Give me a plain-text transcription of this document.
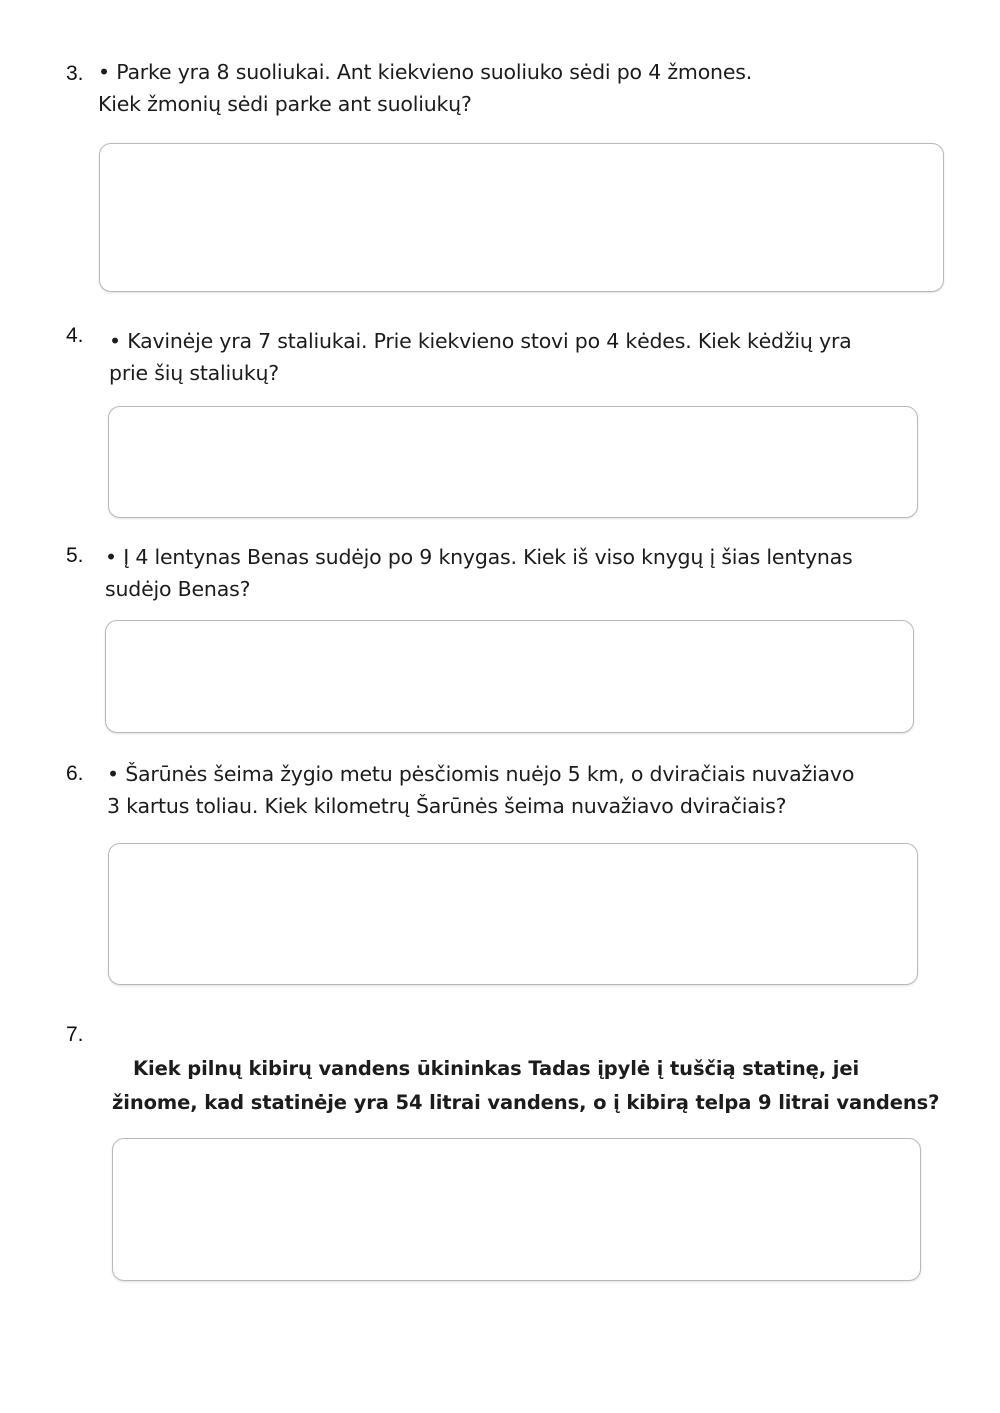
3. • Parke yra 8 suoliukai. Ant kiekvieno suoliuko sėdi po 4 žmones.
Kiek žmonių sėdi parke ant suoliukų?
4. • Kavinėje yra 7 staliukai. Prie kiekvieno stovi po 4 kėdes. Kiek kėdžių yra
prie šių staliukų?
5. • Į 4 lentynas Benas sudėjo po 9 knygas. Kiek iš viso knygų į šias lentynas
sudėjo Benas?
6. • Šarūnės šeima žygio metu pėsčiomis nuėjo 5 km, o dviračiais nuvažiavo
3 kartus toliau. Kiek kilometrų Šarūnės šeima nuvažiavo dviračiais?
7.
Kiek pilnų kibirų vandens ūkininkas Tadas įpylė į tuščią statinę, jei
žinome, kad statinėje yra 54 litrai vandens, o į kibirą telpa 9 litrai vandens?
